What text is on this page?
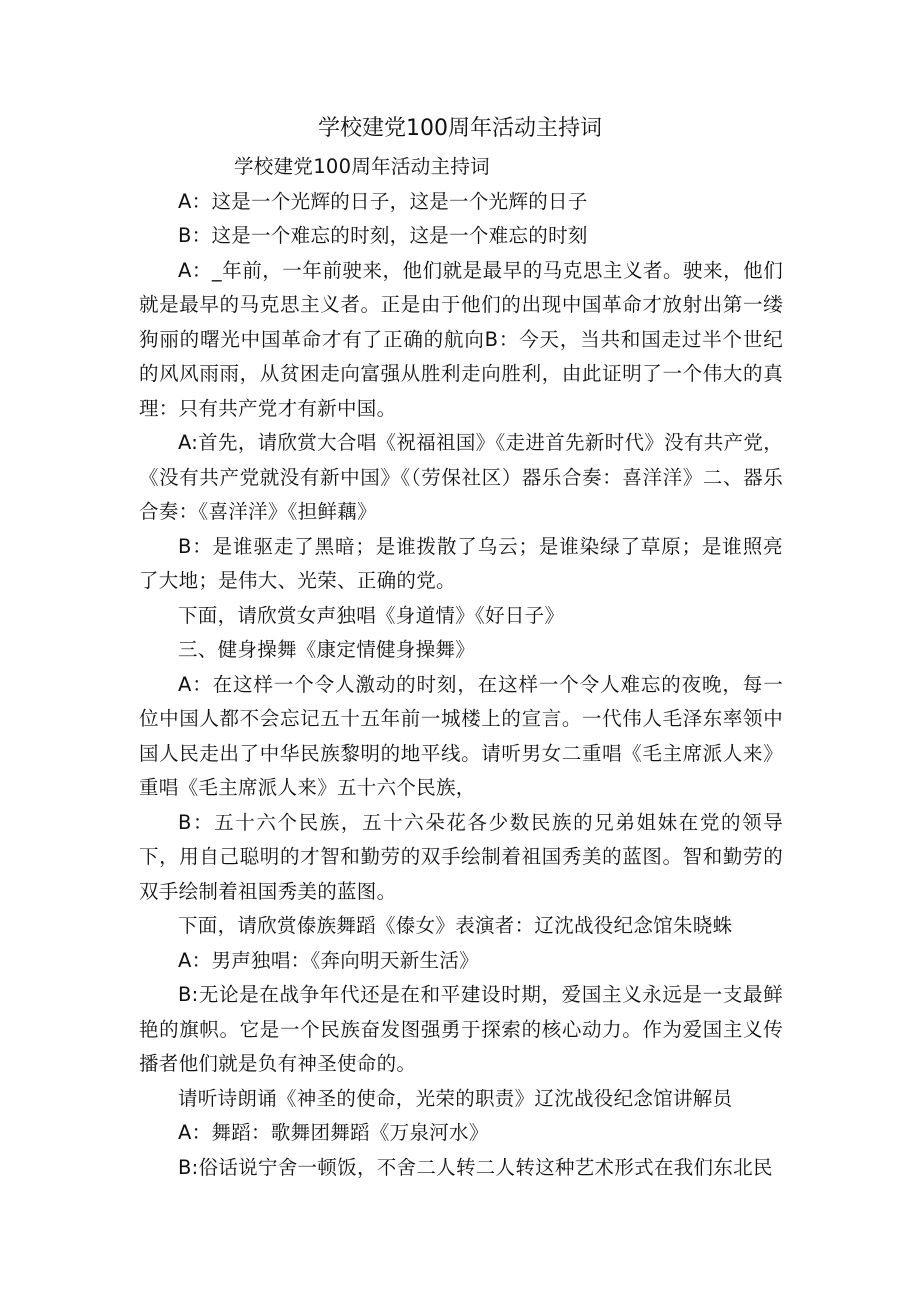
学校建党100周年活动主持词

学校建党100周年活动主持词

A：这是一个光辉的日子，这是一个光辉的日子

B：这是一个难忘的时刻，这是一个难忘的时刻

A：_年前，一年前驶来，他们就是最早的马克思主义者。驶来，他们就是最早的马克思主义者。正是由于他们的出现中国革命才放射出第一缕狗丽的曙光中国革命才有了正确的航向B：今天，当共和国走过半个世纪的风风雨雨，从贫困走向富强从胜利走向胜利，由此证明了一个伟大的真理：只有共产党才有新中国。

A:首先，请欣赏大合唱《祝福祖国》《走进首先新时代》没有共产党，《没有共产党就没有新中国》《（劳保社区）器乐合奏：喜洋洋》二、器乐合奏：《喜洋洋》《担鲜藕》

B：是谁驱走了黑暗；是谁拨散了乌云；是谁染绿了草原；是谁照亮了大地；是伟大、光荣、正确的党。

下面，请欣赏女声独唱《身道情》《好日子》

三、健身操舞《康定情健身操舞》

A：在这样一个令人激动的时刻，在这样一个令人难忘的夜晚，每一位中国人都不会忘记五十五年前一城楼上的宣言。一代伟人毛泽东率领中国人民走出了中华民族黎明的地平线。请听男女二重唱《毛主席派人来》重唱《毛主席派人来》五十六个民族，

B：五十六个民族，五十六朵花各少数民族的兄弟姐妹在党的领导下，用自己聪明的才智和勤劳的双手绘制着祖国秀美的蓝图。智和勤劳的双手绘制着祖国秀美的蓝图。

下面，请欣赏傣族舞蹈《傣女》表演者：辽沈战役纪念馆朱晓蛛

A：男声独唱：《奔向明天新生活》

B:无论是在战争年代还是在和平建设时期，爱国主义永远是一支最鲜艳的旗帜。它是一个民族奋发图强勇于探索的核心动力。作为爱国主义传播者他们就是负有神圣使命的。

请听诗朗诵《神圣的使命，光荣的职责》辽沈战役纪念馆讲解员

A：舞蹈：歌舞团舞蹈《万泉河水》

B:俗话说宁舍一顿饭，不舍二人转二人转这种艺术形式在我们东北民
